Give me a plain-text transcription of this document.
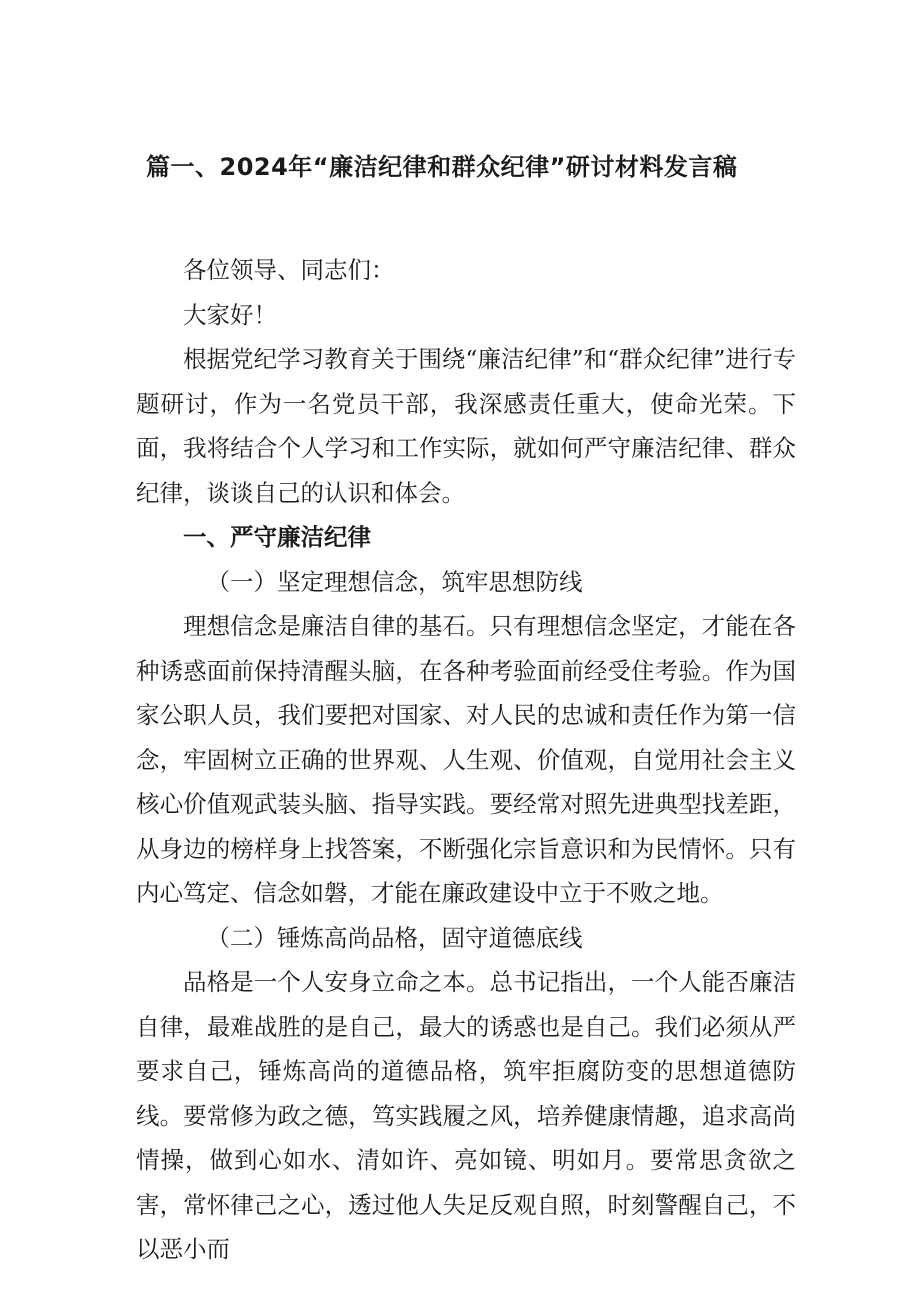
篇一、2024年“廉洁纪律和群众纪律”研讨材料发言稿

各位领导、同志们：

大家好！

根据党纪学习教育关于围绕“廉洁纪律”和“群众纪律”进行专题研讨，作为一名党员干部，我深感责任重大，使命光荣。下面，我将结合个人学习和工作实际，就如何严守廉洁纪律、群众纪律，谈谈自己的认识和体会。

一、严守廉洁纪律

（一）坚定理想信念，筑牢思想防线

理想信念是廉洁自律的基石。只有理想信念坚定，才能在各种诱惑面前保持清醒头脑，在各种考验面前经受住考验。作为国家公职人员，我们要把对国家、对人民的忠诚和责任作为第一信念，牢固树立正确的世界观、人生观、价值观，自觉用社会主义核心价值观武装头脑、指导实践。要经常对照先进典型找差距，从身边的榜样身上找答案，不断强化宗旨意识和为民情怀。只有内心笃定、信念如磐，才能在廉政建设中立于不败之地。

（二）锤炼高尚品格，固守道德底线

品格是一个人安身立命之本。总书记指出，一个人能否廉洁自律，最难战胜的是自己，最大的诱惑也是自己。我们必须从严要求自己，锤炼高尚的道德品格，筑牢拒腐防变的思想道德防线。要常修为政之德，笃实践履之风，培养健康情趣，追求高尚情操，做到心如水、清如许、亮如镜、明如月。要常思贪欲之害，常怀律己之心，透过他人失足反观自照，时刻警醒自己，不以恶小而
